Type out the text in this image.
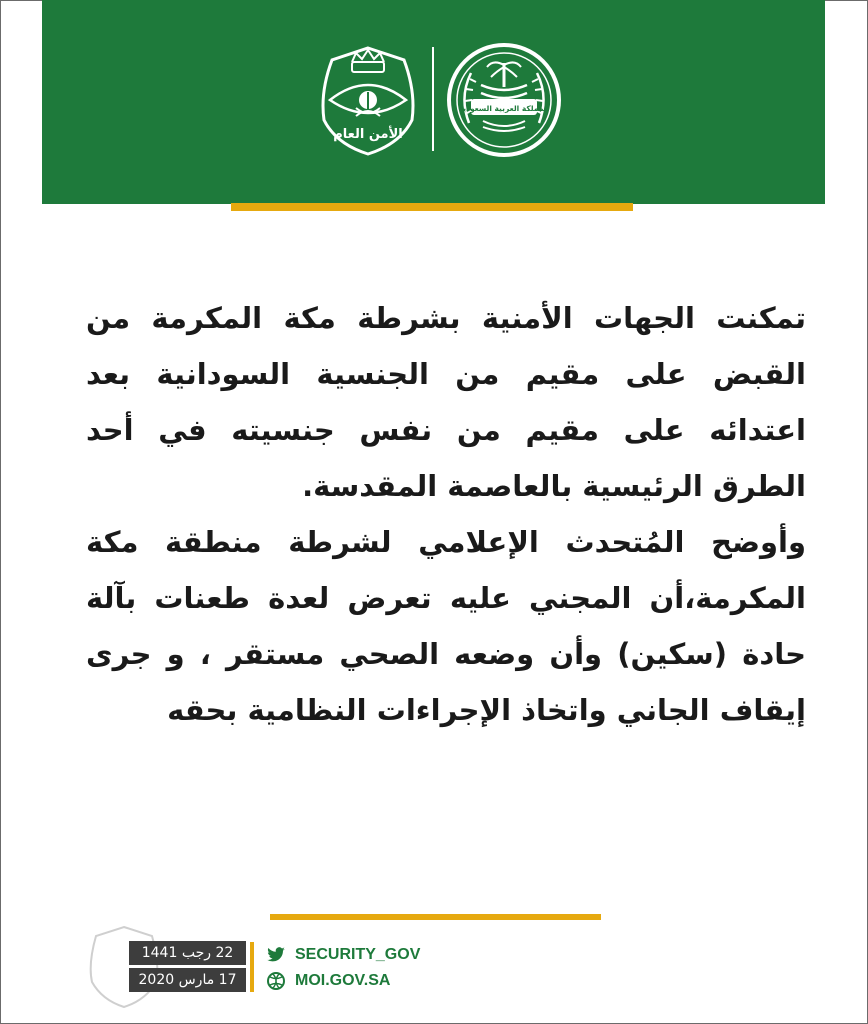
الأمن العام
المملكة العربية السعودية

تمكنت الجهات الأمنية بشرطة مكة المكرمة من القبض على مقيم من الجنسية السودانية بعد اعتدائه على مقيم من نفس جنسيته في أحد الطرق الرئيسية بالعاصمة المقدسة.

وأوضح المُتحدث الإعلامي لشرطة منطقة مكة المكرمة،أن المجني عليه تعرض لعدة طعنات بآلة حادة (سكين) وأن وضعه الصحي مستقر ، و جرى إيقاف الجاني واتخاذ الإجراءات النظامية بحقه

22 رجب 1441
17 مارس 2020
SECURITY_GOV
MOI.GOV.SA
